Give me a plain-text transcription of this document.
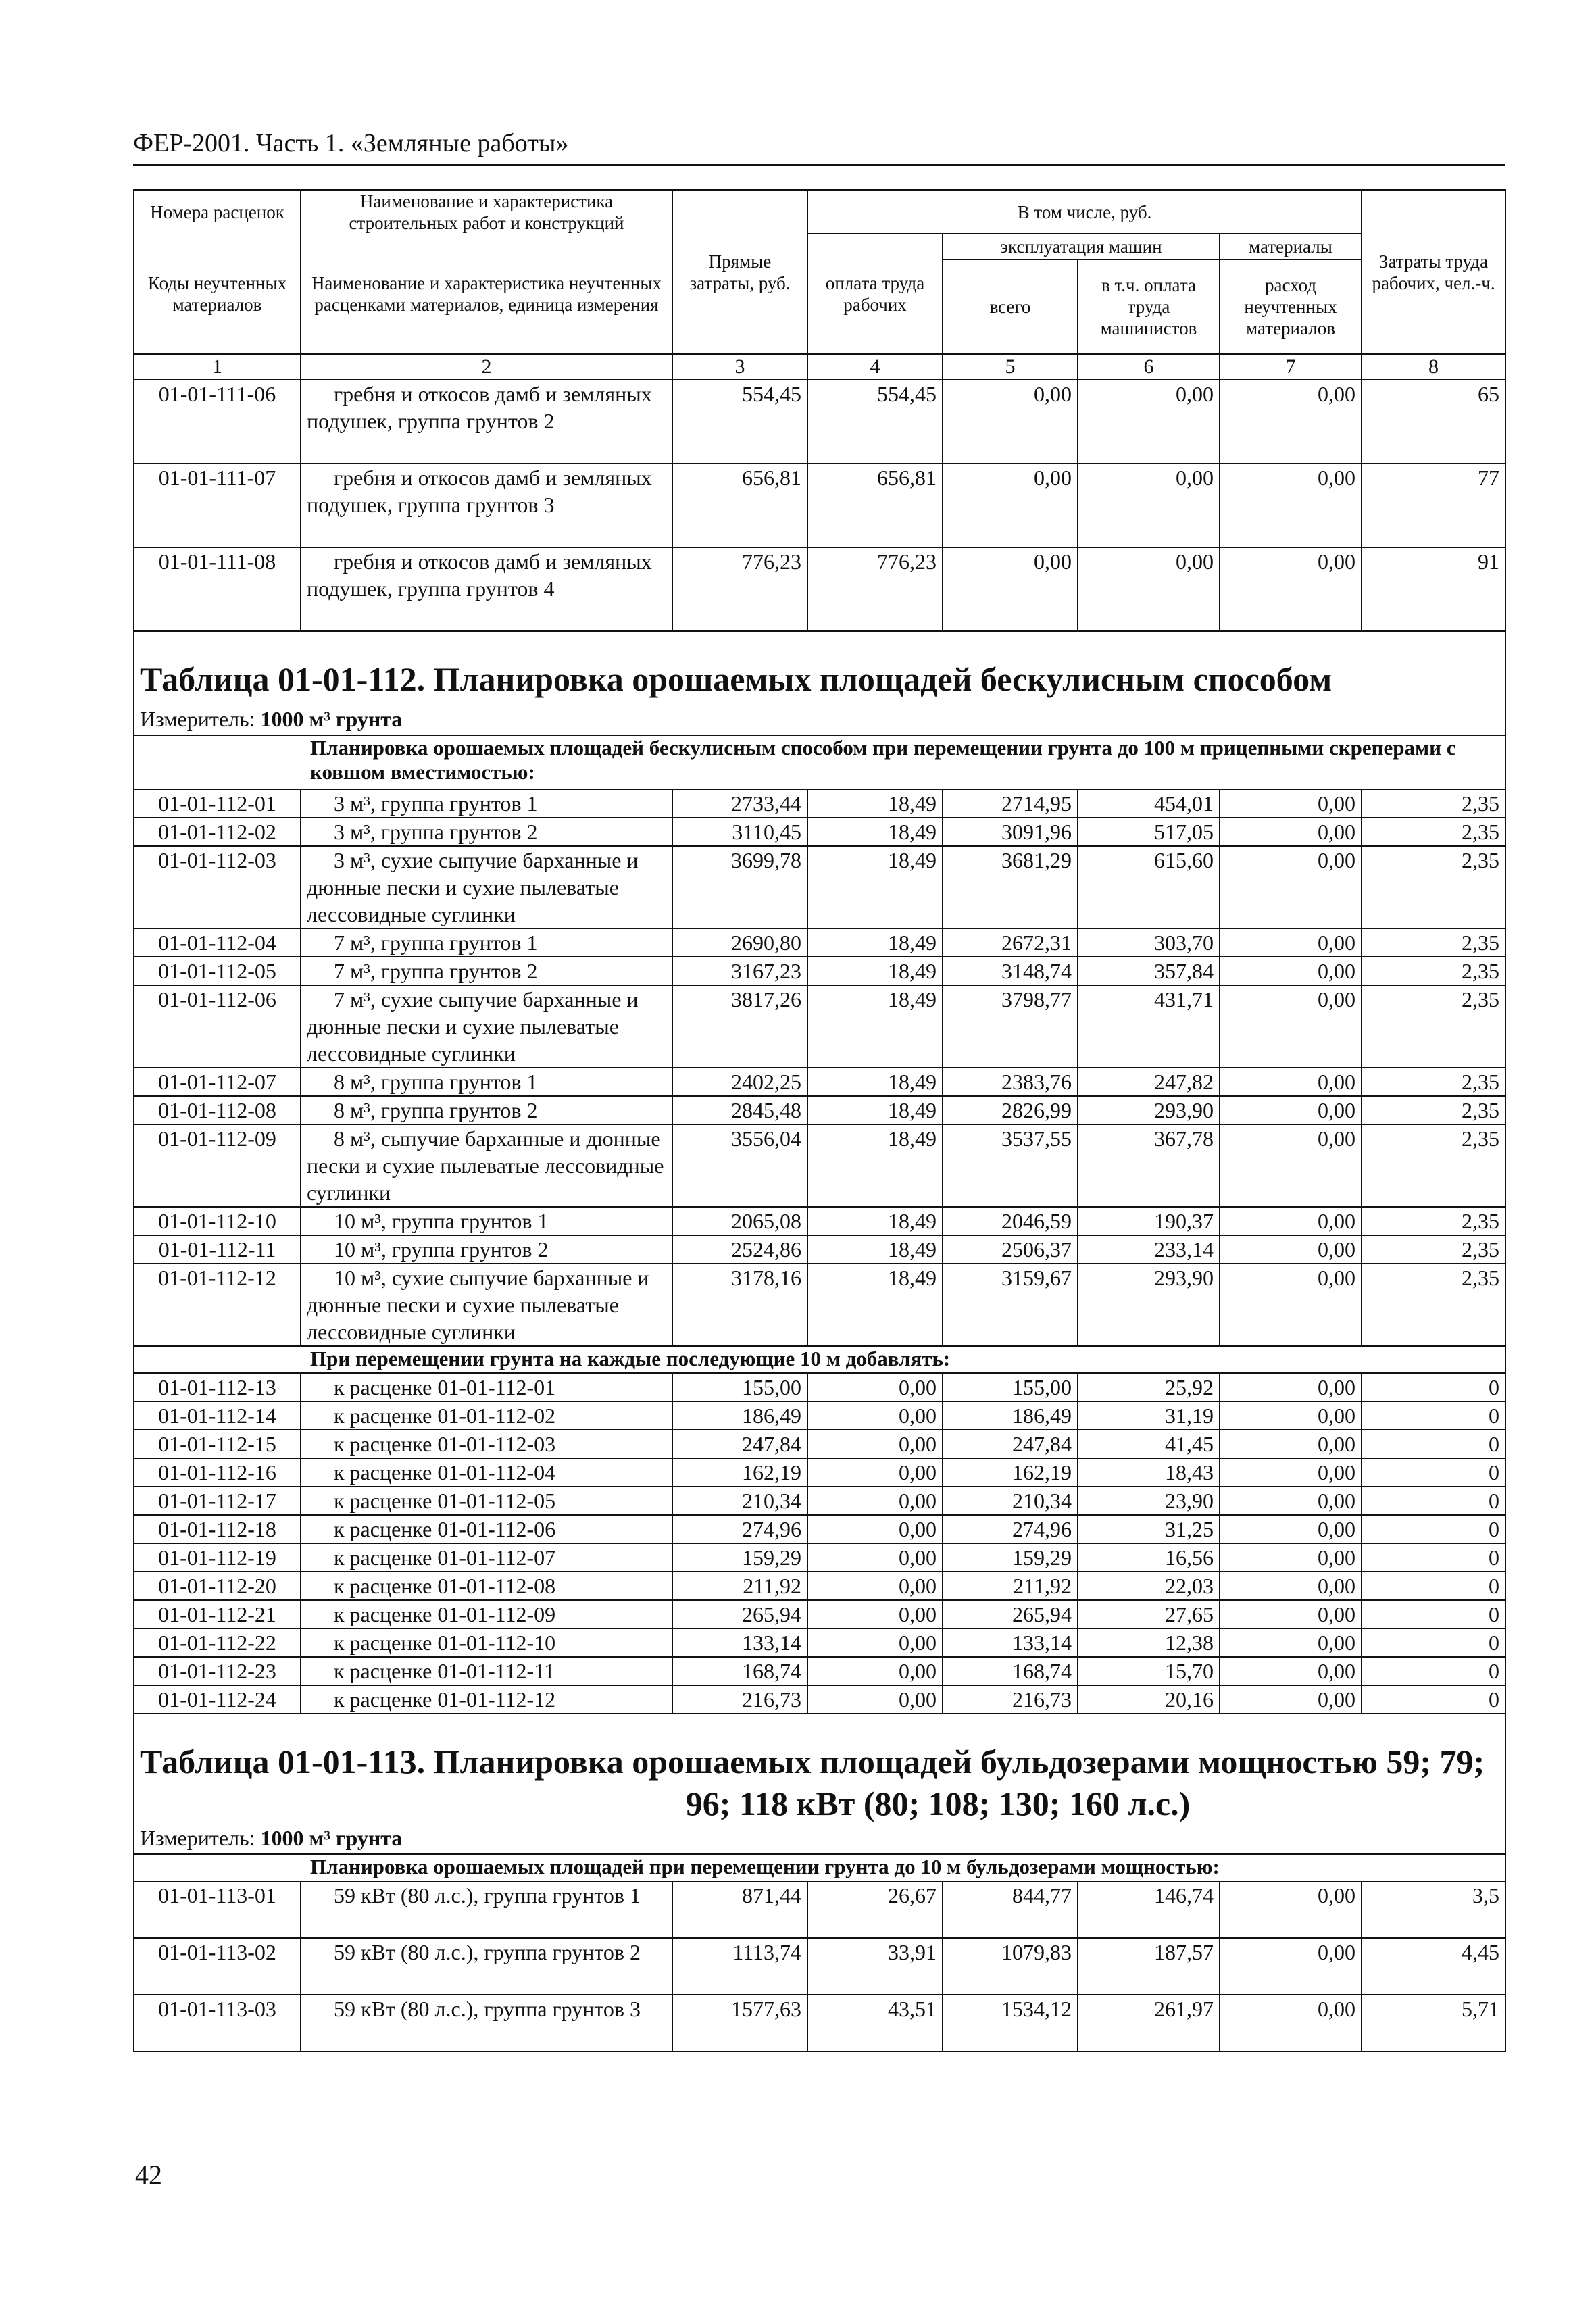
ФЕР-2001. Часть 1. «Земляные работы»
Номера расценок	Наименование и характеристика строительных работ и конструкций	Прямые затраты, руб.	В том числе, руб.				Затраты труда рабочих, чел.-ч.
Коды неучтенных материалов	Наименование и характеристика неучтенных расценками материалов, единица измерения		оплата труда рабочих	эксплуатация машин		материалы	
				всего	в т.ч. оплата труда машинистов	расход неучтенных материалов	

1	2	3	4	5	6	7	8
01-01-111-06	гребня и откосов дамб и земляных подушек, группа грунтов 2	554,45	554,45	0,00	0,00	0,00	65
01-01-111-07	гребня и откосов дамб и земляных подушек, группа грунтов 3	656,81	656,81	0,00	0,00	0,00	77
01-01-111-08	гребня и откосов дамб и земляных подушек, группа грунтов 4	776,23	776,23	0,00	0,00	0,00	91

Таблица 01-01-112. Планировка орошаемых площадей бескулисным способом							

Измеритель: 1000 м³ грунта							
Планировка орошаемых площадей бескулисным способом при перемещении грунта до 100 м прицепными скреперами с ковшом вместимостью:							
01-01-112-01	3 м³, группа грунтов 1	2733,44	18,49	2714,95	454,01	0,00	2,35
01-01-112-02	3 м³, группа грунтов 2	3110,45	18,49	3091,96	517,05	0,00	2,35
01-01-112-03	3 м³, сухие сыпучие барханные и дюнные пески и сухие пылеватые лессовидные суглинки	3699,78	18,49	3681,29	615,60	0,00	2,35
01-01-112-04	7 м³, группа грунтов 1	2690,80	18,49	2672,31	303,70	0,00	2,35
01-01-112-05	7 м³, группа грунтов 2	3167,23	18,49	3148,74	357,84	0,00	2,35
01-01-112-06	7 м³, сухие сыпучие барханные и дюнные пески и сухие пылеватые лессовидные суглинки	3817,26	18,49	3798,77	431,71	0,00	2,35
01-01-112-07	8 м³, группа грунтов 1	2402,25	18,49	2383,76	247,82	0,00	2,35
01-01-112-08	8 м³, группа грунтов 2	2845,48	18,49	2826,99	293,90	0,00	2,35
01-01-112-09	8 м³, сыпучие барханные и дюнные пески и сухие пылеватые лессовидные суглинки	3556,04	18,49	3537,55	367,78	0,00	2,35
01-01-112-10	10 м³, группа грунтов 1	2065,08	18,49	2046,59	190,37	0,00	2,35
01-01-112-11	10 м³, группа грунтов 2	2524,86	18,49	2506,37	233,14	0,00	2,35
01-01-112-12	10 м³, сухие сыпучие барханные и дюнные пески и сухие пылеватые лессовидные суглинки	3178,16	18,49	3159,67	293,90	0,00	2,35
При перемещении грунта на каждые последующие 10 м добавлять:							
01-01-112-13	к расценке 01-01-112-01	155,00	0,00	155,00	25,92	0,00	0
01-01-112-14	к расценке 01-01-112-02	186,49	0,00	186,49	31,19	0,00	0
01-01-112-15	к расценке 01-01-112-03	247,84	0,00	247,84	41,45	0,00	0
01-01-112-16	к расценке 01-01-112-04	162,19	0,00	162,19	18,43	0,00	0
01-01-112-17	к расценке 01-01-112-05	210,34	0,00	210,34	23,90	0,00	0
01-01-112-18	к расценке 01-01-112-06	274,96	0,00	274,96	31,25	0,00	0
01-01-112-19	к расценке 01-01-112-07	159,29	0,00	159,29	16,56	0,00	0
01-01-112-20	к расценке 01-01-112-08	211,92	0,00	211,92	22,03	0,00	0
01-01-112-21	к расценке 01-01-112-09	265,94	0,00	265,94	27,65	0,00	0
01-01-112-22	к расценке 01-01-112-10	133,14	0,00	133,14	12,38	0,00	0
01-01-112-23	к расценке 01-01-112-11	168,74	0,00	168,74	15,70	0,00	0
01-01-112-24	к расценке 01-01-112-12	216,73	0,00	216,73	20,16	0,00	0

Таблица 01-01-113. Планировка орошаемых площадей бульдозерами мощностью 59; 79;
96; 118 кВт (80; 108; 130; 160 л.с.)							

Измеритель: 1000 м³ грунта							
Планировка орошаемых площадей при перемещении грунта до 10 м бульдозерами мощностью:							
01-01-113-01	59 кВт (80 л.с.), группа грунтов 1	871,44	26,67	844,77	146,74	0,00	3,5
01-01-113-02	59 кВт (80 л.с.), группа грунтов 2	1113,74	33,91	1079,83	187,57	0,00	4,45
01-01-113-03	59 кВт (80 л.с.), группа грунтов 3	1577,63	43,51	1534,12	261,97	0,00	5,71
42
